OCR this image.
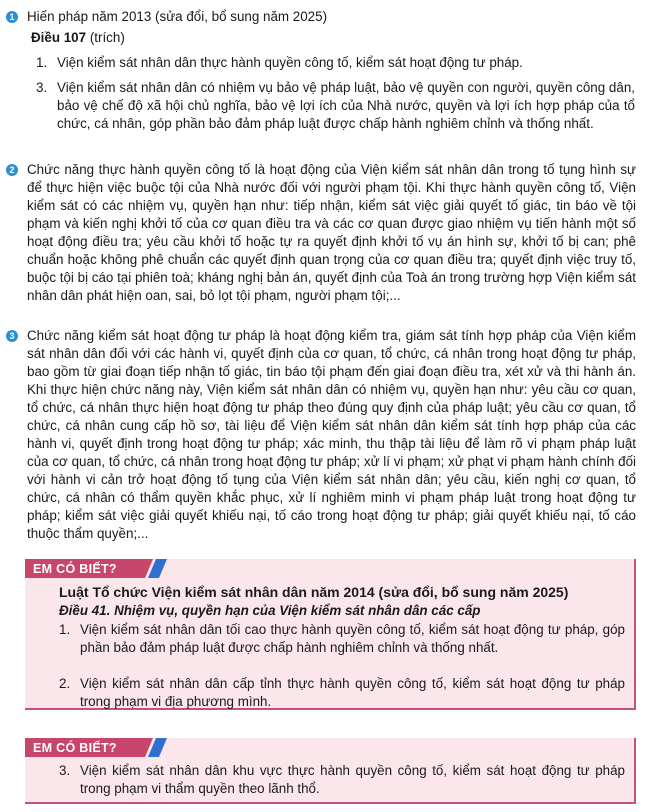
1 Hiến pháp năm 2013 (sửa đổi, bổ sung năm 2025)
Điều 107 (trích)
1. Viện kiểm sát nhân dân thực hành quyền công tố, kiểm sát hoạt động tư pháp.
3. Viện kiểm sát nhân dân có nhiệm vụ bảo vệ pháp luật, bảo vệ quyền con người, quyền công dân, bảo vệ chế độ xã hội chủ nghĩa, bảo vệ lợi ích của Nhà nước, quyền và lợi ích hợp pháp của tổ chức, cá nhân, góp phần bảo đảm pháp luật được chấp hành nghiêm chỉnh và thống nhất.
2 Chức năng thực hành quyền công tố là hoạt động của Viện kiểm sát nhân dân trong tố tụng hình sự để thực hiện việc buộc tội của Nhà nước đối với người phạm tội. Khi thực hành quyền công tố, Viện kiểm sát có các nhiệm vụ, quyền hạn như: tiếp nhận, kiểm sát việc giải quyết tố giác, tin báo về tội phạm và kiến nghị khởi tố của cơ quan điều tra và các cơ quan được giao nhiệm vụ tiến hành một số hoạt động điều tra; yêu cầu khởi tố hoặc tự ra quyết định khởi tố vụ án hình sự, khởi tố bị can; phê chuẩn hoặc không phê chuẩn các quyết định quan trọng của cơ quan điều tra; quyết định việc truy tố, buộc tội bị cáo tại phiên toà; kháng nghị bản án, quyết định của Toà án trong trường hợp Viện kiểm sát nhân dân phát hiện oan, sai, bỏ lọt tội phạm, người phạm tội;...
3 Chức năng kiểm sát hoạt động tư pháp là hoạt động kiểm tra, giám sát tính hợp pháp của Viện kiểm sát nhân dân đối với các hành vi, quyết định của cơ quan, tổ chức, cá nhân trong hoạt động tư pháp, bao gồm từ giai đoạn tiếp nhận tố giác, tin báo tội phạm đến giai đoạn điều tra, xét xử và thi hành án. Khi thực hiện chức năng này, Viện kiểm sát nhân dân có nhiệm vụ, quyền hạn như: yêu cầu cơ quan, tổ chức, cá nhân thực hiện hoạt động tư pháp theo đúng quy định của pháp luật; yêu cầu cơ quan, tổ chức, cá nhân cung cấp hồ sơ, tài liệu để Viện kiểm sát nhân dân kiểm sát tính hợp pháp của các hành vi, quyết định trong hoạt động tư pháp; xác minh, thu thập tài liệu để làm rõ vi phạm pháp luật của cơ quan, tổ chức, cá nhân trong hoạt động tư pháp; xử lí vi phạm; xử phạt vi phạm hành chính đối với hành vi cản trở hoạt động tố tụng của Viện kiểm sát nhân dân; yêu cầu, kiến nghị cơ quan, tổ chức, cá nhân có thẩm quyền khắc phục, xử lí nghiêm minh vi phạm pháp luật trong hoạt động tư pháp; kiểm sát việc giải quyết khiếu nại, tố cáo trong hoạt động tư pháp; giải quyết khiếu nại, tố cáo thuộc thẩm quyền;...
EM CÓ BIẾT?
Luật Tổ chức Viện kiểm sát nhân dân năm 2014 (sửa đổi, bổ sung năm 2025)
Điều 41. Nhiệm vụ, quyền hạn của Viện kiểm sát nhân dân các cấp
1. Viện kiểm sát nhân dân tối cao thực hành quyền công tố, kiểm sát hoạt động tư pháp, góp phần bảo đảm pháp luật được chấp hành nghiêm chỉnh và thống nhất.
2. Viện kiểm sát nhân dân cấp tỉnh thực hành quyền công tố, kiểm sát hoạt động tư pháp trong phạm vi địa phương mình.
EM CÓ BIẾT?
3. Viện kiểm sát nhân dân khu vực thực hành quyền công tố, kiểm sát hoạt động tư pháp trong phạm vi thẩm quyền theo lãnh thổ.
